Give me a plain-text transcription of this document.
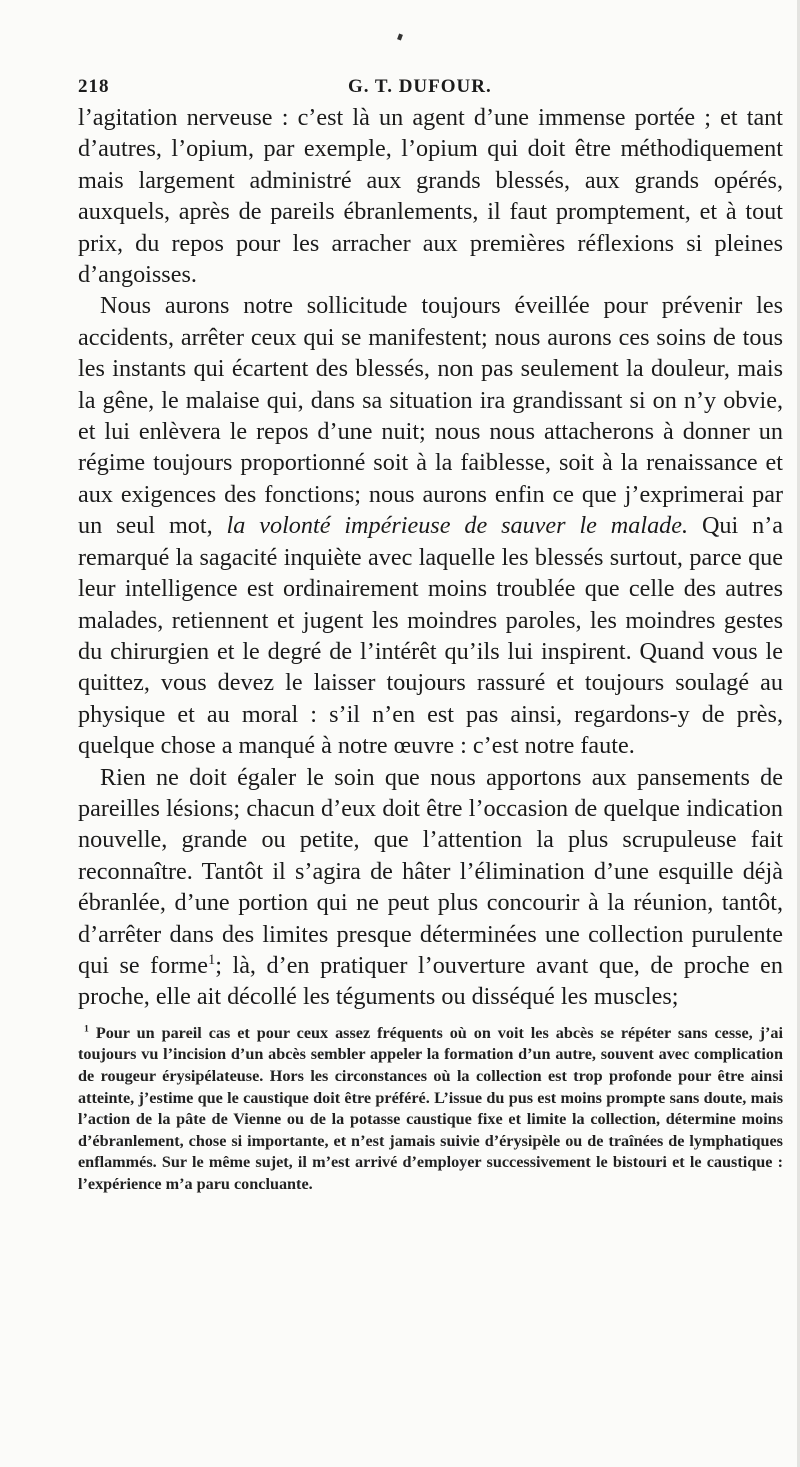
218	G. T. DUFOUR.

l’agitation nerveuse : c’est là un agent d’une immense portée ; et tant d’autres, l’opium, par exemple, l’opium qui doit être méthodiquement mais largement administré aux grands blessés, aux grands opérés, auxquels, après de pareils ébranlements, il faut promptement, et à tout prix, du repos pour les arracher aux premières réflexions si pleines d’angoisses.

Nous aurons notre sollicitude toujours éveillée pour prévenir les accidents, arrêter ceux qui se manifestent; nous aurons ces soins de tous les instants qui écartent des blessés, non pas seulement la douleur, mais la gêne, le malaise qui, dans sa situation ira grandissant si on n’y obvie, et lui enlèvera le repos d’une nuit; nous nous attacherons à donner un régime toujours proportionné soit à la faiblesse, soit à la renaissance et aux exigences des fonctions; nous aurons enfin ce que j’exprimerai par un seul mot, la volonté impérieuse de sauver le malade. Qui n’a remarqué la sagacité inquiète avec laquelle les blessés surtout, parce que leur intelligence est ordinairement moins troublée que celle des autres malades, retiennent et jugent les moindres paroles, les moindres gestes du chirurgien et le degré de l’intérêt qu’ils lui inspirent. Quand vous le quittez, vous devez le laisser toujours rassuré et toujours soulagé au physique et au moral : s’il n’en est pas ainsi, regardons-y de près, quelque chose a manqué à notre œuvre : c’est notre faute.

Rien ne doit égaler le soin que nous apportons aux pansements de pareilles lésions; chacun d’eux doit être l’occasion de quelque indication nouvelle, grande ou petite, que l’attention la plus scrupuleuse fait reconnaître. Tantôt il s’agira de hâter l’élimination d’une esquille déjà ébranlée, d’une portion qui ne peut plus concourir à la réunion, tantôt, d’arrêter dans des limites presque déterminées une collection purulente qui se forme$^1$; là, d’en pratiquer l’ouverture avant que, de proche en proche, elle ait décollé les téguments ou disséqué les muscles;

$^1$ Pour un pareil cas et pour ceux assez fréquents où on voit les abcès se répéter sans cesse, j’ai toujours vu l’incision d’un abcès sembler appeler la formation d’un autre, souvent avec complication de rougeur érysipélateuse. Hors les circonstances où la collection est trop profonde pour être ainsi atteinte, j’estime que le caustique doit être préféré. L’issue du pus est moins prompte sans doute, mais l’action de la pâte de Vienne ou de la potasse caustique fixe et limite la collection, détermine moins d’ébranlement, chose si importante, et n’est jamais suivie d’érysipèle ou de traînées de lymphatiques enflammés. Sur le même sujet, il m’est arrivé d’employer successivement le bistouri et le caustique : l’expérience m’a paru concluante.
